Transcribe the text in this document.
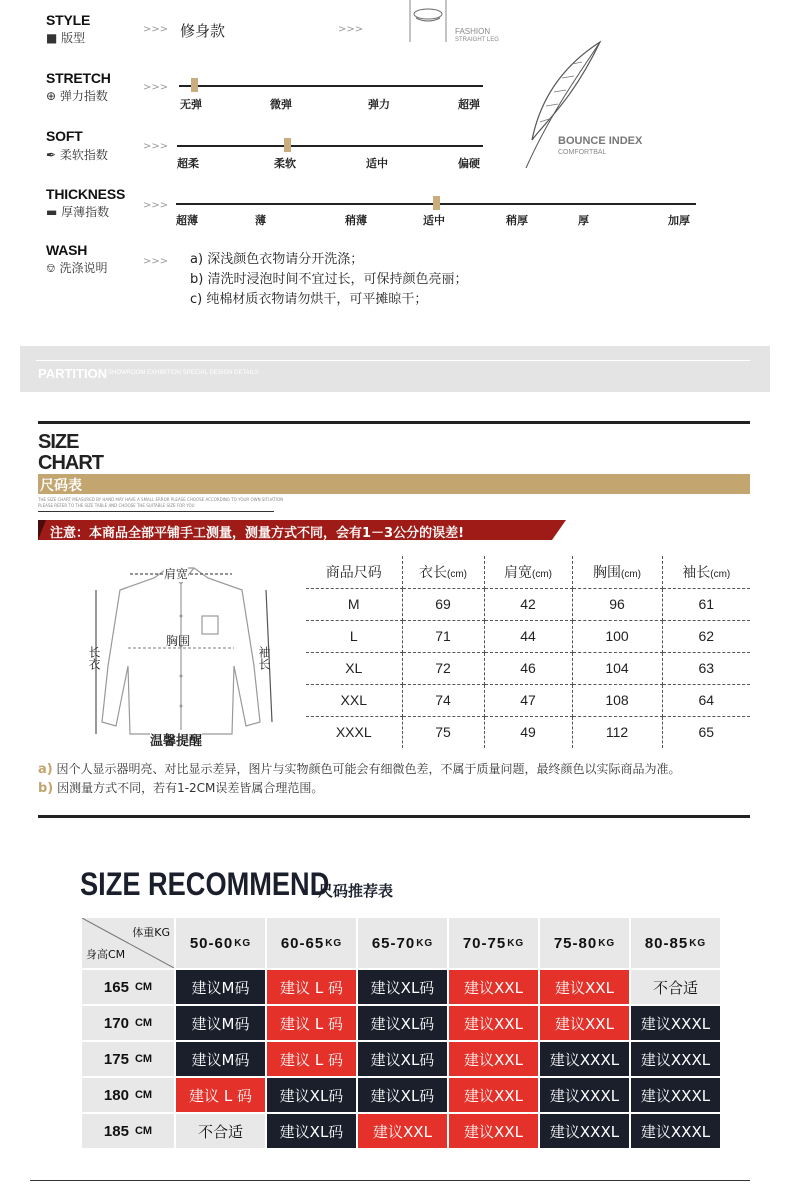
STYLE
■ 版型
>>> 修身款	>>>	FASHION
STRAIGHT LEG
STRETCH
⊕ 弹力指数
>>>
无弹	微弹	弹力	超弹
BOUNCE INDEX
COMFORTBAL
SOFT
✒ 柔软指数
>>>
超柔	柔软	适中	偏硬
THICKNESS
▬ 厚薄指数	>>>
超薄	薄	稍薄	适中	稍厚	厚	加厚
WASH
⎊ 洗涤说明	>>> a) 深浅颜色衣物请分开洗涤；
b) 清洗时浸泡时间不宜过长，可保持颜色亮丽；
c) 纯棉材质衣物请勿烘干，可平摊晾干；
PARTITION SHOWROOM EXHIBITION SPECIAL DESIGN DETAILS
SIZE
CHART
尺码表
THE SIZE CHART MEASURED BY HAND MAY HAVE A SMALL ERROR PLEASE CHOOSE ACCORDING TO YOUR OWN SITUATION
PLEASE REFER TO THE SIZE TABLE AND CHOOSE THE SUITABLE SIZE FOR YOU
注意：本商品全部平铺手工测量，测量方式不同，会有1－3公分的误差!
肩宽
胸围
长衣	袖长
温馨提醒
商品尺码	衣长(cm)	肩宽(cm)	胸围(cm)	袖长(cm)
M	69	42	96	61
L	71	44	100	62
XL	72	46	104	63
XXL	74	47	108	64
XXXL	75	49	112	65
a) 因个人显示器明亮、对比显示差异，图片与实物颜色可能会有细微色差，不属于质量问题，最终颜色以实际商品为准。
b) 因测量方式不同，若有1-2CM误差皆属合理范围。
SIZE RECOMMEND
尺码推荐表
体重KG
身高CM
50-60 KG 60-65 KG 65-70 KG 70-75 KG 75-80 KG 80-85 KG
165 CM	建议M码	建议 L 码	建议XL码	建议XXL	建议XXL	不合适
170 CM	建议M码	建议 L 码	建议XL码	建议XXL	建议XXL	建议XXXL
175 CM	建议M码	建议 L 码	建议XL码	建议XXL	建议XXXL	建议XXXL
180 CM	建议 L 码	建议XL码	建议XL码	建议XXL	建议XXXL	建议XXXL
185 CM	不合适	建议XL码	建议XXL	建议XXL	建议XXXL	建议XXXL
